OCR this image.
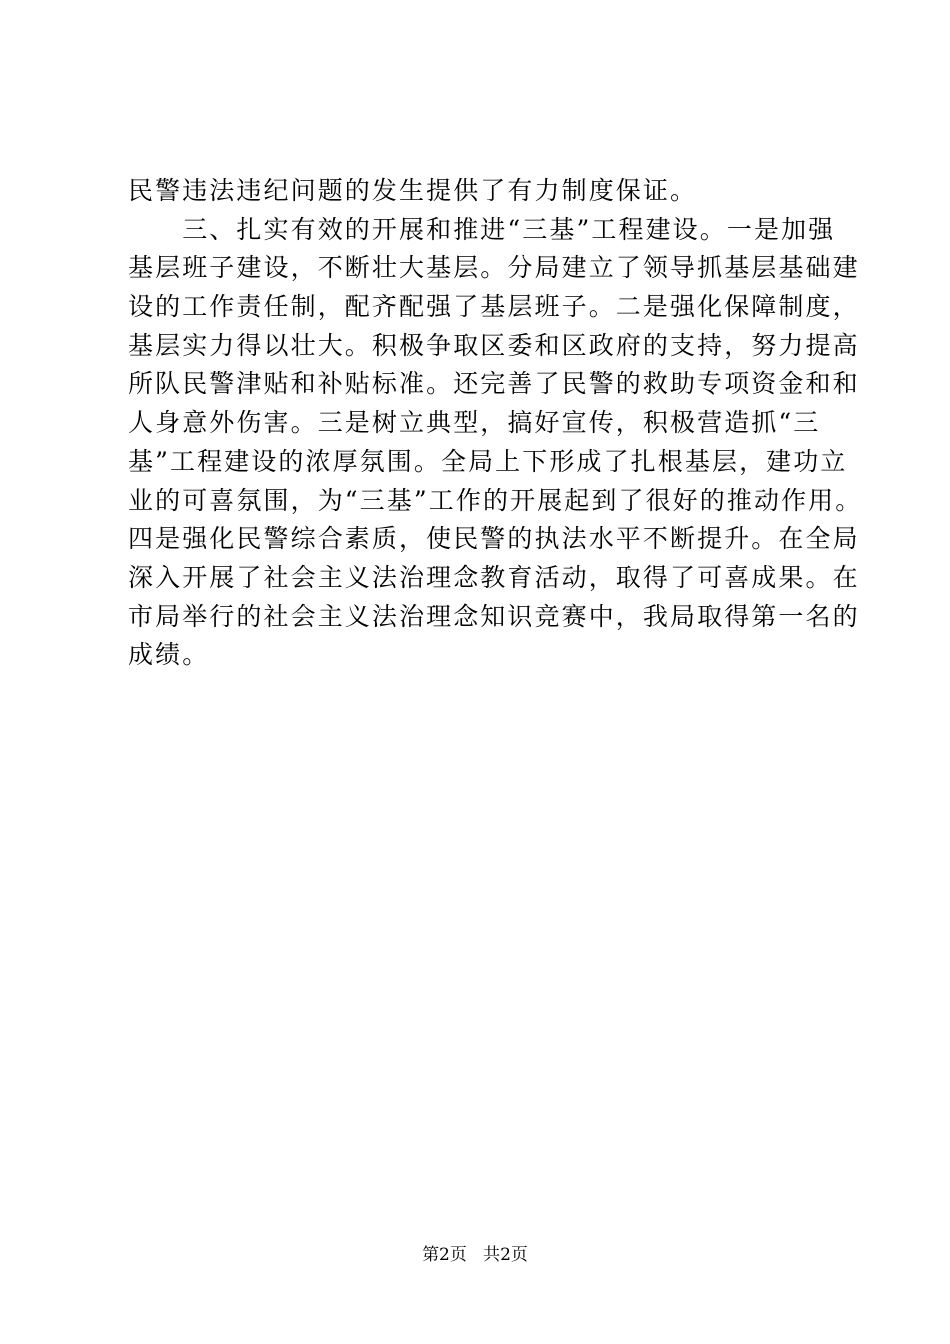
民警违法违纪问题的发生提供了有力制度保证。
　　三、扎实有效的开展和推进“三基”工程建设。一是加强
基层班子建设，不断壮大基层。分局建立了领导抓基层基础建
设的工作责任制，配齐配强了基层班子。二是强化保障制度，
基层实力得以壮大。积极争取区委和区政府的支持，努力提高
所队民警津贴和补贴标准。还完善了民警的救助专项资金和和
人身意外伤害。三是树立典型，搞好宣传，积极营造抓“三
基”工程建设的浓厚氛围。全局上下形成了扎根基层，建功立
业的可喜氛围，为“三基”工作的开展起到了很好的推动作用。
四是强化民警综合素质，使民警的执法水平不断提升。在全局
深入开展了社会主义法治理念教育活动，取得了可喜成果。在
市局举行的社会主义法治理念知识竞赛中，我局取得第一名的
成绩。
第2页 共2页
